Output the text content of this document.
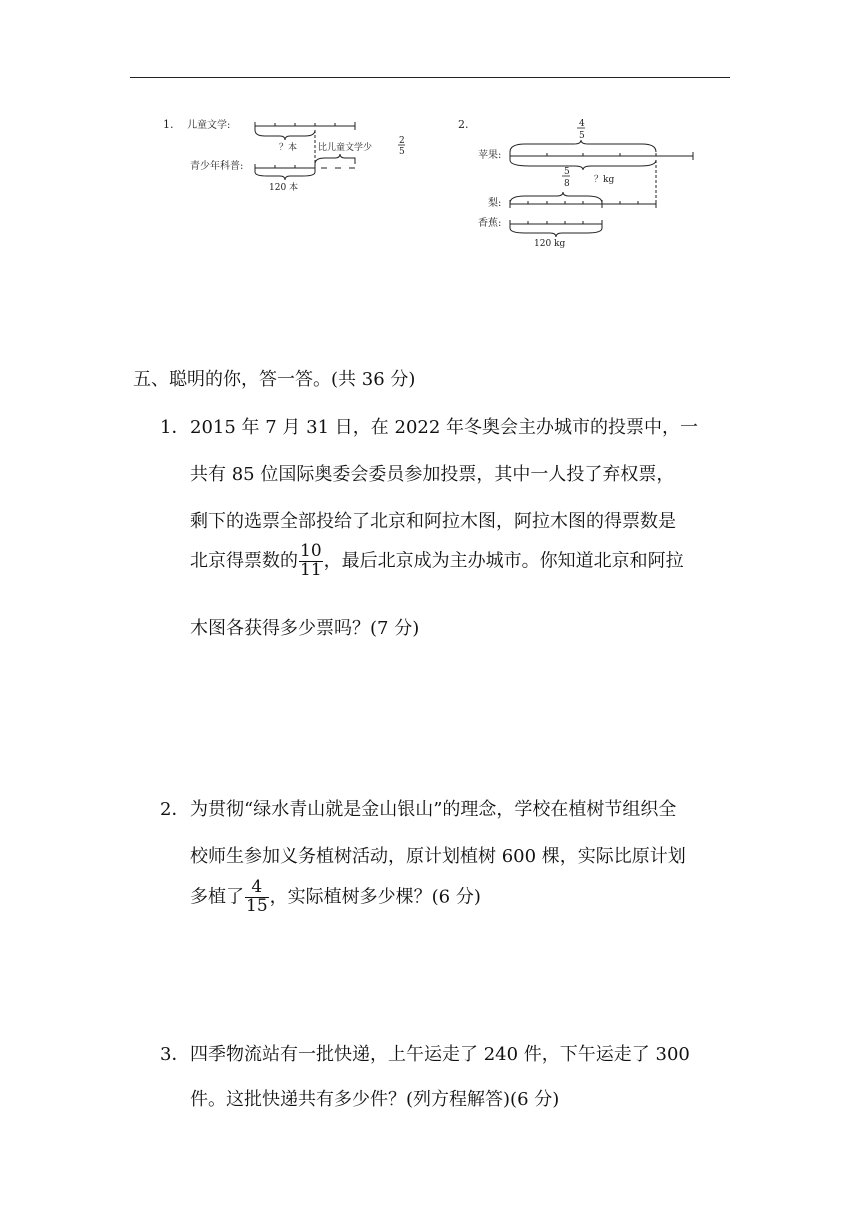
1. 儿童文学:
？本 比儿童文学少
2
5
青少年科普:
120 本
2.	4
5
苹果:
5
8	？kg
梨:
香蕉:
120 kg
五、聪明的你，答一答。(共 36 分)
1． 2015 年 7 月 31 日，在 2022 年冬奥会主办城市的投票中，一
共有 85 位国际奥委会委员参加投票，其中一人投了弃权票，
剩下的选票全部投给了北京和阿拉木图，阿拉木图的得票数是
北京得票数的 $\frac{10}{11}$ ，最后北京成为主办城市。你知道北京和阿拉
木图各获得多少票吗？(7 分)
2． 为贯彻“绿水青山就是金山银山”的理念，学校在植树节组织全
校师生参加义务植树活动，原计划植树 600 棵，实际比原计划
多植了 $\frac{4}{15}$ ，实际植树多少棵？(6 分)
3． 四季物流站有一批快递，上午运走了 240 件，下午运走了 300
件。这批快递共有多少件？(列方程解答)(6 分)
